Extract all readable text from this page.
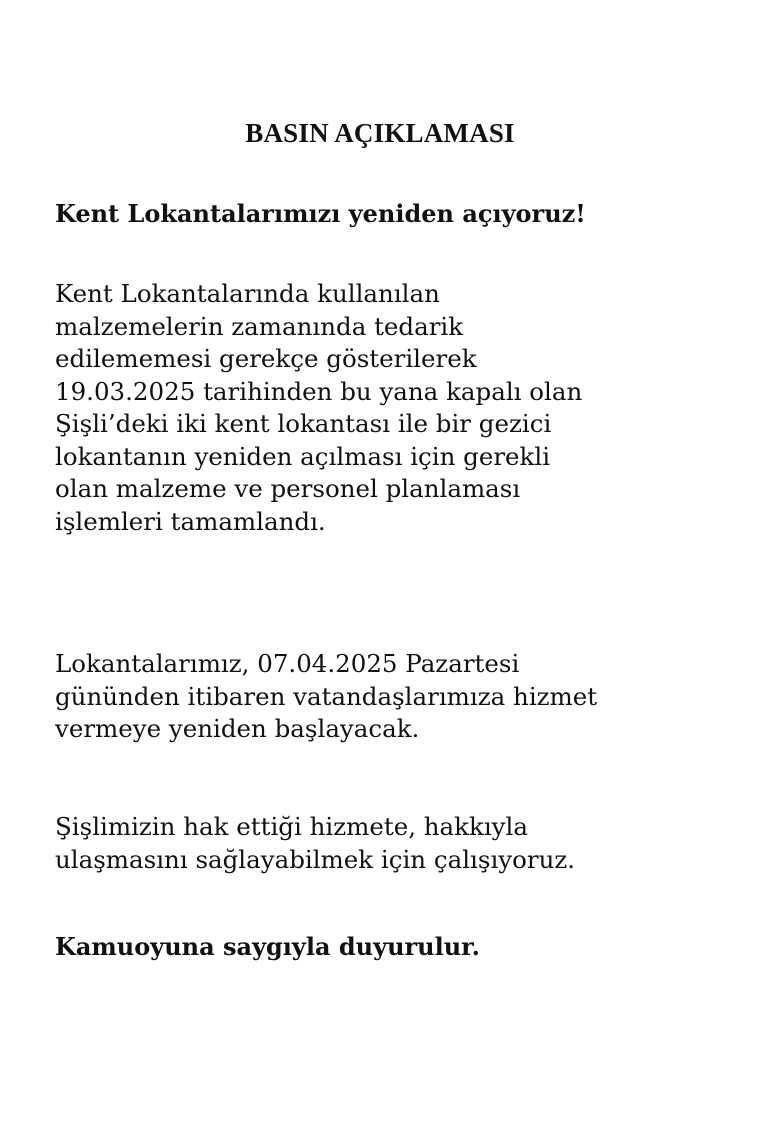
BASIN AÇIKLAMASI
Kent Lokantalarımızı yeniden açıyoruz!

Kent Lokantalarında kullanılan
malzemelerin zamanında tedarik
edilememesi gerekçe gösterilerek
19.03.2025 tarihinden bu yana kapalı olan
Şişli’deki iki kent lokantası ile bir gezici
lokantanın yeniden açılması için gerekli
olan malzeme ve personel planlaması
işlemleri tamamlandı.

Lokantalarımız, 07.04.2025 Pazartesi
gününden itibaren vatandaşlarımıza hizmet
vermeye yeniden başlayacak.

Şişlimizin hak ettiği hizmete, hakkıyla
ulaşmasını sağlayabilmek için çalışıyoruz.

Kamuoyuna saygıyla duyurulur.
